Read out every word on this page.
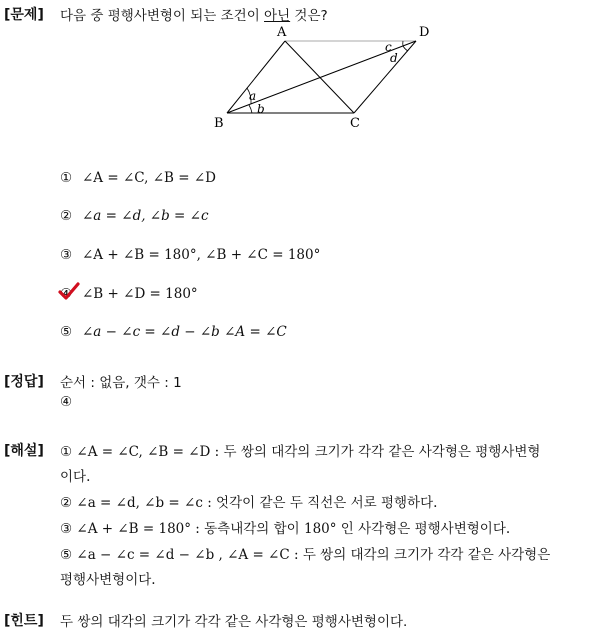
[문제] 다음 중 평행사변형이 되는 조건이 아닌 것은?
A
B	C
D
a
b
c
d
① ∠A = ∠C, ∠B = ∠D
② ∠a = ∠d, ∠b = ∠c
③ ∠A + ∠B = 180°, ∠B + ∠C = 180°
④ ∠B + ∠D = 180°
⑤ ∠a − ∠c = ∠d − ∠b ∠A = ∠C
[정답] 순서 : 없음, 갯수 : 1
④
[해설] ① ∠A = ∠C, ∠B = ∠D : 두 쌍의 대각의 크기가 각각 같은 사각형은 평행사변형
이다.
② ∠a = ∠d, ∠b = ∠c : 엇각이 같은 두 직선은 서로 평행하다.
③ ∠A + ∠B = 180° : 동측내각의 합이 180° 인 사각형은 평행사변형이다.
⑤ ∠a − ∠c = ∠d − ∠b , ∠A = ∠C : 두 쌍의 대각의 크기가 각각 같은 사각형은
평행사변형이다.
[힌트] 두 쌍의 대각의 크기가 각각 같은 사각형은 평행사변형이다.
